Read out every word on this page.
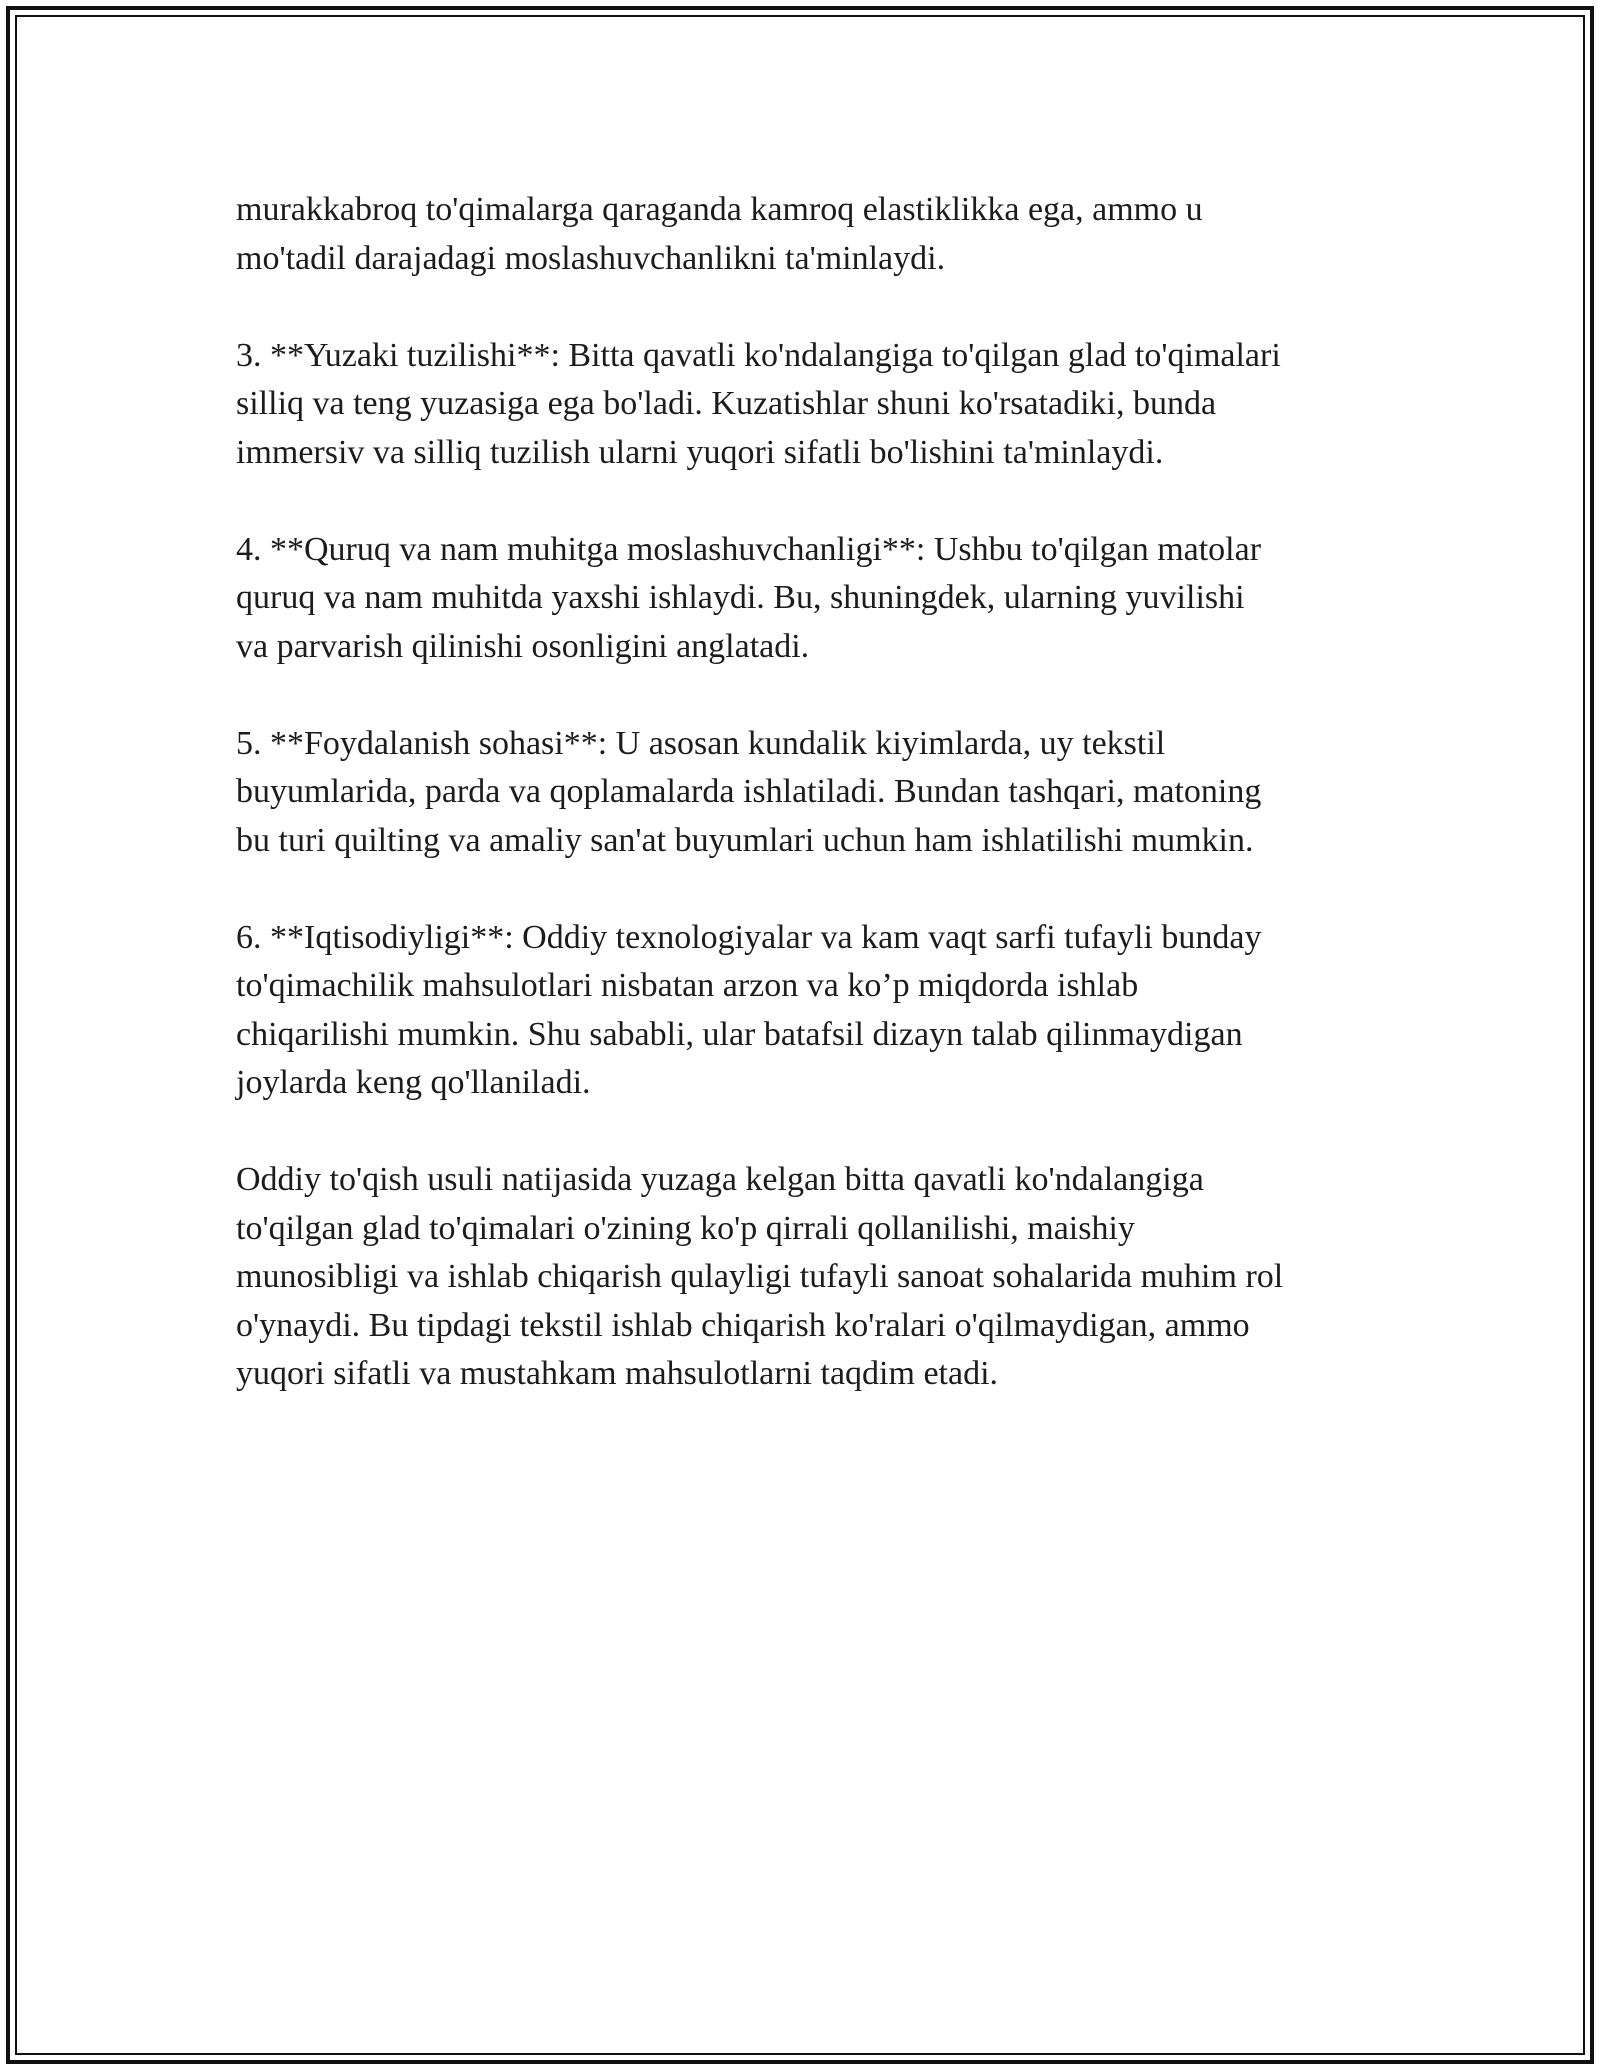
murakkabroq to'qimalarga qaraganda kamroq elastiklikka ega, ammo u
mo'tadil darajadagi moslashuvchanlikni ta'minlaydi.

3. **Yuzaki tuzilishi**: Bitta qavatli ko'ndalangiga to'qilgan glad to'qimalari
silliq va teng yuzasiga ega bo'ladi. Kuzatishlar shuni ko'rsatadiki, bunda
immersiv va silliq tuzilish ularni yuqori sifatli bo'lishini ta'minlaydi.

4. **Quruq va nam muhitga moslashuvchanligi**: Ushbu to'qilgan matolar
quruq va nam muhitda yaxshi ishlaydi. Bu, shuningdek, ularning yuvilishi
va parvarish qilinishi osonligini anglatadi.

5. **Foydalanish sohasi**: U asosan kundalik kiyimlarda, uy tekstil
buyumlarida, parda va qoplamalarda ishlatiladi. Bundan tashqari, matoning
bu turi quilting va amaliy san'at buyumlari uchun ham ishlatilishi mumkin.

6. **Iqtisodiyligi**: Oddiy texnologiyalar va kam vaqt sarfi tufayli bunday
to'qimachilik mahsulotlari nisbatan arzon va ko’p miqdorda ishlab
chiqarilishi mumkin. Shu sababli, ular batafsil dizayn talab qilinmaydigan
joylarda keng qo'llaniladi.

Oddiy to'qish usuli natijasida yuzaga kelgan bitta qavatli ko'ndalangiga
to'qilgan glad to'qimalari o'zining ko'p qirrali qollanilishi, maishiy
munosibligi va ishlab chiqarish qulayligi tufayli sanoat sohalarida muhim rol
o'ynaydi. Bu tipdagi tekstil ishlab chiqarish ko'ralari o'qilmaydigan, ammo
yuqori sifatli va mustahkam mahsulotlarni taqdim etadi.
